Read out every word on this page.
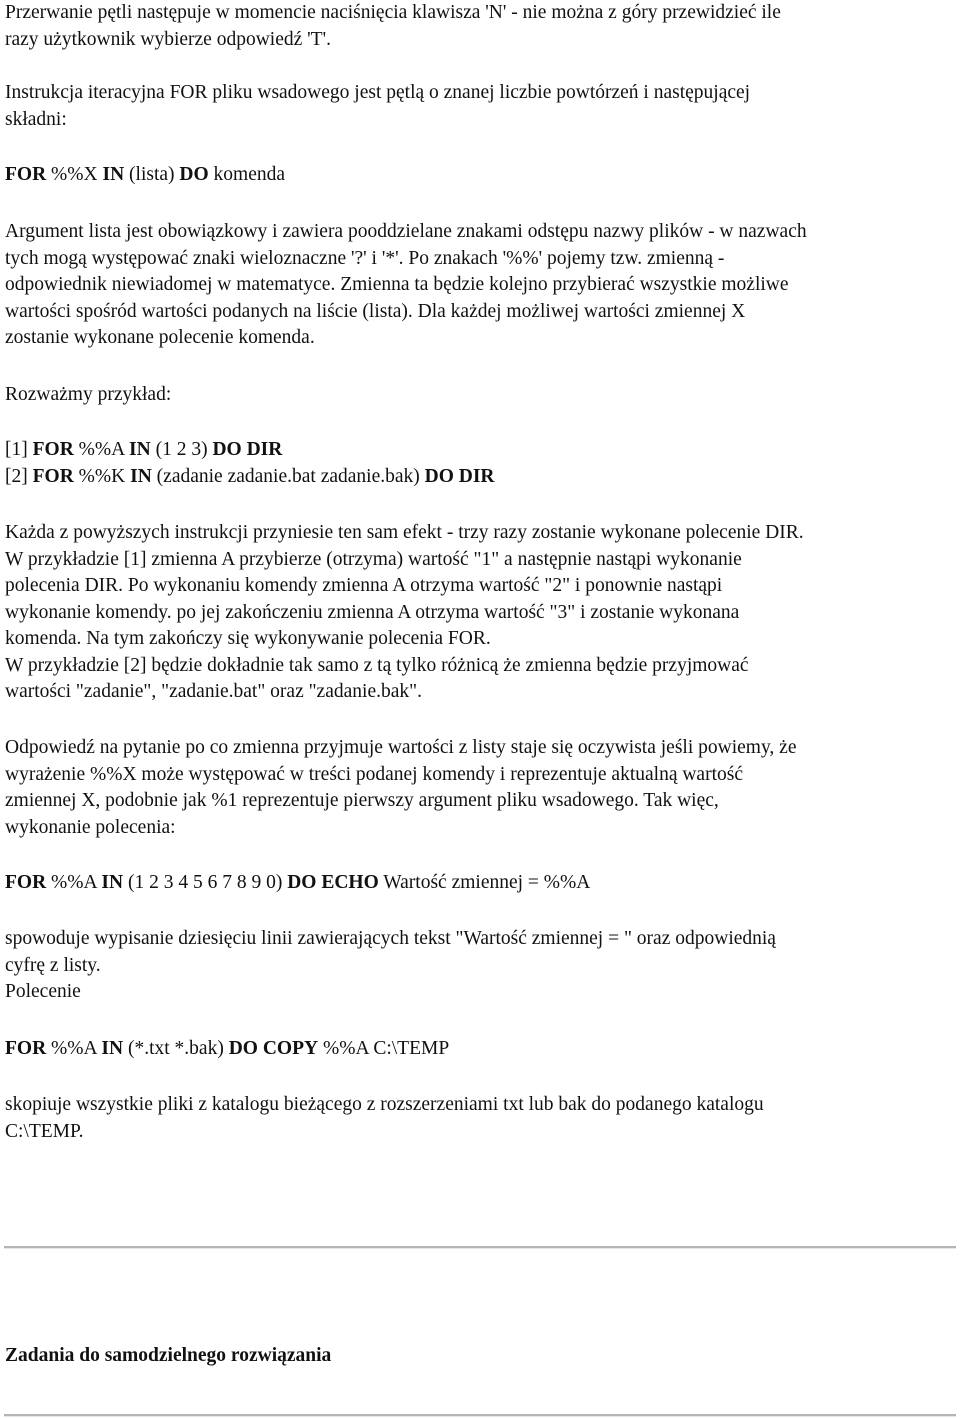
Przerwanie pętli następuje w momencie naciśnięcia klawisza 'N' - nie można z góry przewidzieć ile

razy użytkownik wybierze odpowiedź 'T'.

Instrukcja iteracyjna FOR pliku wsadowego jest pętlą o znanej liczbie powtórzeń i następującej

składni:

FOR %%X IN (lista) DO komenda

Argument lista jest obowiązkowy i zawiera pooddzielane znakami odstępu nazwy plików - w nazwach

tych mogą występować znaki wieloznaczne '?' i '*'. Po znakach '%%' pojemy tzw. zmienną -

odpowiednik niewiadomej w matematyce. Zmienna ta będzie kolejno przybierać wszystkie możliwe

wartości spośród wartości podanych na liście (lista). Dla każdej możliwej wartości zmiennej X

zostanie wykonane polecenie komenda.

Rozważmy przykład:

[1] FOR %%A IN (1 2 3) DO DIR

[2] FOR %%K IN (zadanie zadanie.bat zadanie.bak) DO DIR

Każda z powyższych instrukcji przyniesie ten sam efekt - trzy razy zostanie wykonane polecenie DIR.

W przykładzie [1] zmienna A przybierze (otrzyma) wartość "1" a następnie nastąpi wykonanie

polecenia DIR. Po wykonaniu komendy zmienna A otrzyma wartość "2" i ponownie nastąpi

wykonanie komendy. po jej zakończeniu zmienna A otrzyma wartość "3" i zostanie wykonana

komenda. Na tym zakończy się wykonywanie polecenia FOR.

W przykładzie [2] będzie dokładnie tak samo z tą tylko różnicą że zmienna będzie przyjmować

wartości "zadanie", "zadanie.bat" oraz "zadanie.bak".

Odpowiedź na pytanie po co zmienna przyjmuje wartości z listy staje się oczywista jeśli powiemy, że

wyrażenie %%X może występować w treści podanej komendy i reprezentuje aktualną wartość

zmiennej X, podobnie jak %1 reprezentuje pierwszy argument pliku wsadowego. Tak więc,

wykonanie polecenia:

FOR %%A IN (1 2 3 4 5 6 7 8 9 0) DO ECHO Wartość zmiennej = %%A

spowoduje wypisanie dziesięciu linii zawierających tekst "Wartość zmiennej = " oraz odpowiednią

cyfrę z listy.

Polecenie

FOR %%A IN (*.txt *.bak) DO COPY %%A C:\TEMP

skopiuje wszystkie pliki z katalogu bieżącego z rozszerzeniami txt lub bak do podanego katalogu

C:\TEMP.

Zadania do samodzielnego rozwiązania
